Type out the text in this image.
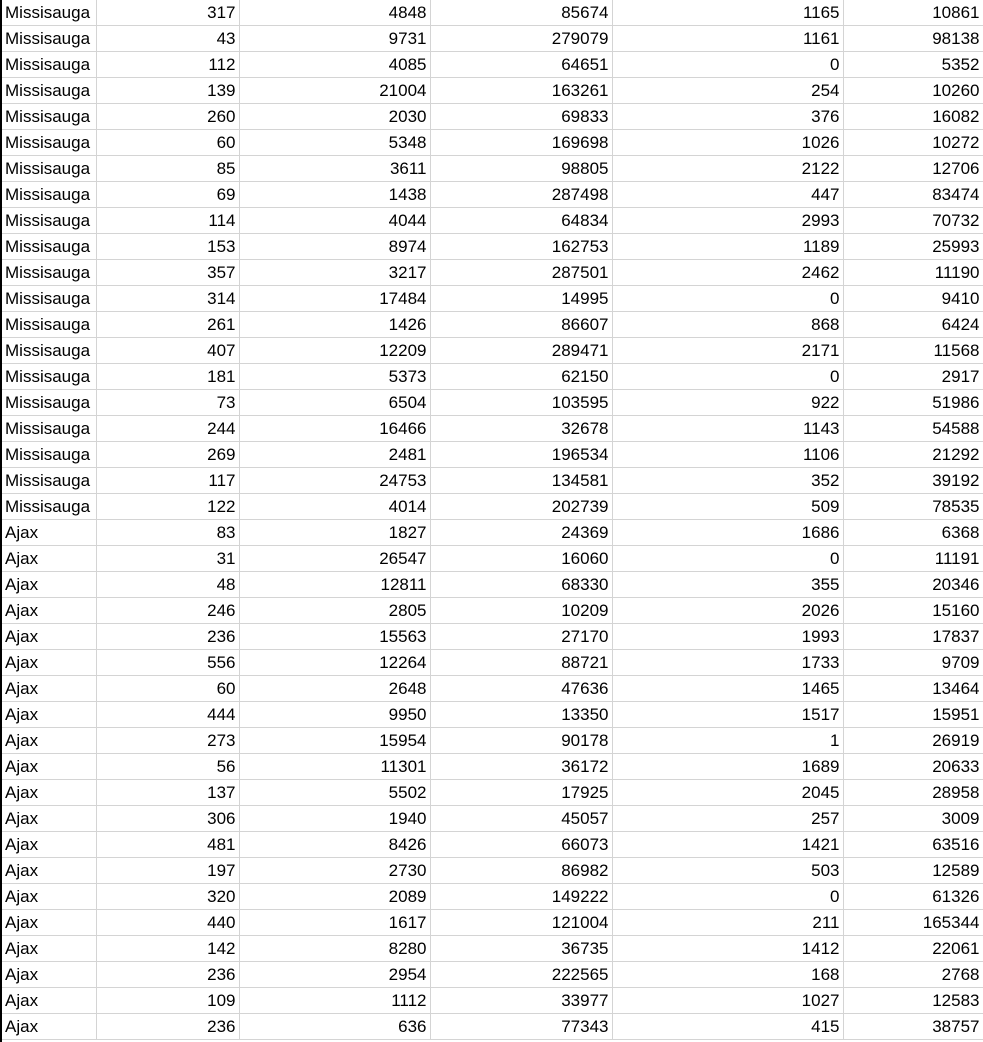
Missisauga	317	4848	85674	1165	10861
Missisauga	43	9731	279079	1161	98138
Missisauga	112	4085	64651	0	5352
Missisauga	139	21004	163261	254	10260
Missisauga	260	2030	69833	376	16082
Missisauga	60	5348	169698	1026	10272
Missisauga	85	3611	98805	2122	12706
Missisauga	69	1438	287498	447	83474
Missisauga	114	4044	64834	2993	70732
Missisauga	153	8974	162753	1189	25993
Missisauga	357	3217	287501	2462	11190
Missisauga	314	17484	14995	0	9410
Missisauga	261	1426	86607	868	6424
Missisauga	407	12209	289471	2171	11568
Missisauga	181	5373	62150	0	2917
Missisauga	73	6504	103595	922	51986
Missisauga	244	16466	32678	1143	54588
Missisauga	269	2481	196534	1106	21292
Missisauga	117	24753	134581	352	39192
Missisauga	122	4014	202739	509	78535
Ajax	83	1827	24369	1686	6368
Ajax	31	26547	16060	0	11191
Ajax	48	12811	68330	355	20346
Ajax	246	2805	10209	2026	15160
Ajax	236	15563	27170	1993	17837
Ajax	556	12264	88721	1733	9709
Ajax	60	2648	47636	1465	13464
Ajax	444	9950	13350	1517	15951
Ajax	273	15954	90178	1	26919
Ajax	56	11301	36172	1689	20633
Ajax	137	5502	17925	2045	28958
Ajax	306	1940	45057	257	3009
Ajax	481	8426	66073	1421	63516
Ajax	197	2730	86982	503	12589
Ajax	320	2089	149222	0	61326
Ajax	440	1617	121004	211	165344
Ajax	142	8280	36735	1412	22061
Ajax	236	2954	222565	168	2768
Ajax	109	1112	33977	1027	12583
Ajax	236	636	77343	415	38757
